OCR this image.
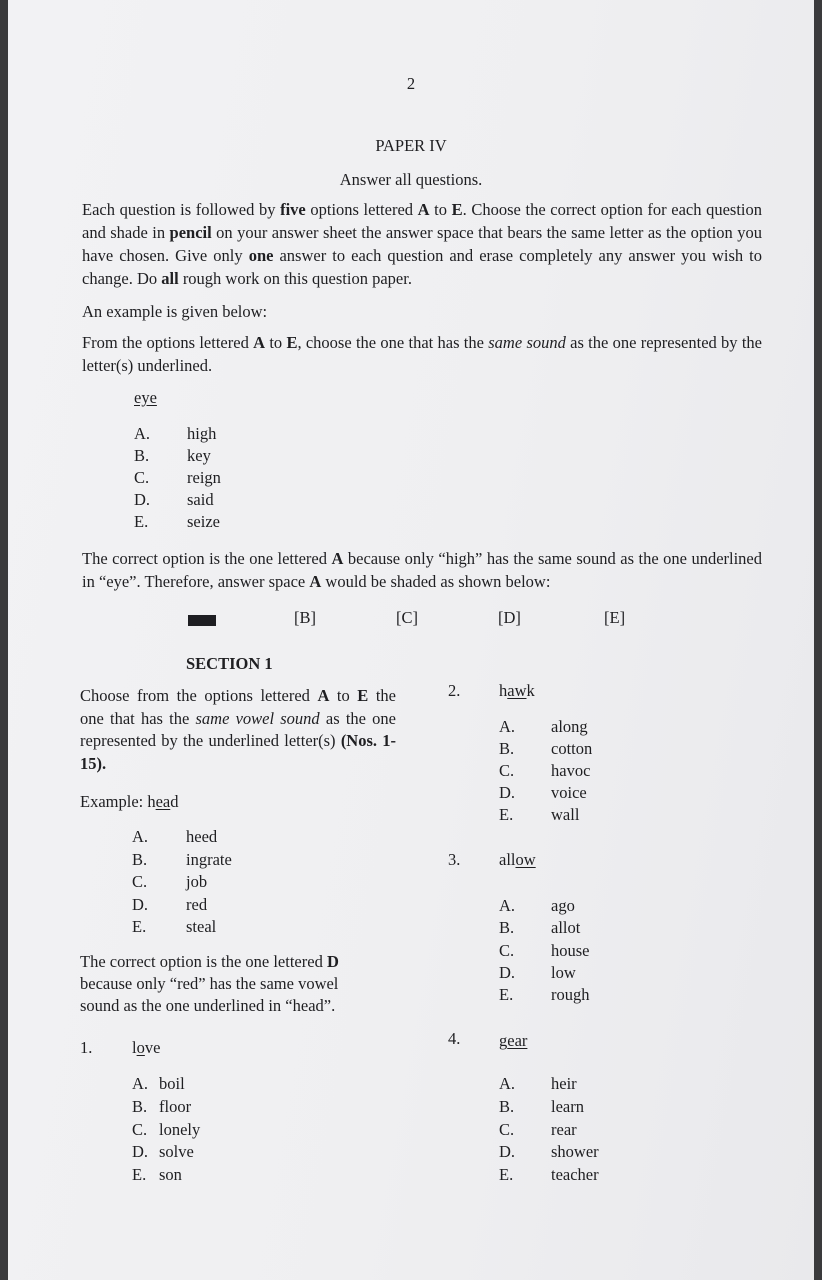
2
PAPER IV
Answer all questions.
Each question is followed by five options lettered A to E. Choose the correct option for each question and shade in pencil on your answer sheet the answer space that bears the same letter as the option you have chosen. Give only one answer to each question and erase completely any answer you wish to change. Do all rough work on this question paper.
An example is given below:
From the options lettered A to E, choose the one that has the same sound as the one represented by the letter(s) underlined.
eye
A. high
B. key
C. reign
D. said
E. seize
The correct option is the one lettered A because only “high” has the same sound as the one underlined in “eye”. Therefore, answer space A would be shaded as shown below:
[B]	[C]	[D]	[E]
SECTION 1
Choose from the options lettered A to E the one that has the same vowel sound as the one represented by the underlined letter(s) (Nos. 1-15).
Example: head
A. heed
B. ingrate
C. job
D. red
E. steal
The correct option is the one lettered D because only “red” has the same vowel sound as the one underlined in “head”.
1. love
A. boil
B. floor
C. lonely
D. solve
E. son
2. hawk
A. along
B. cotton
C. havoc
D. voice
E. wall
3. allow
A. ago
B. allot
C. house
D. low
E. rough
4. gear
A. heir
B. learn
C. rear
D. shower
E. teacher
